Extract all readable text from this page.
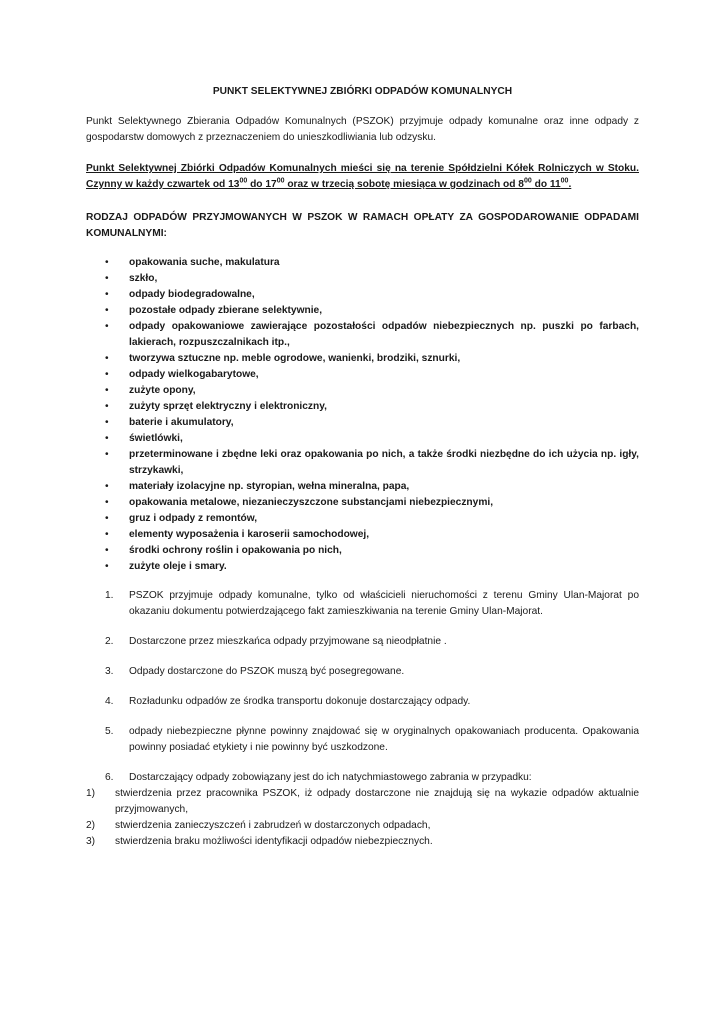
PUNKT SELEKTYWNEJ ZBIÓRKI ODPADÓW KOMUNALNYCH

Punkt Selektywnego Zbierania Odpadów Komunalnych (PSZOK) przyjmuje odpady komunalne oraz inne odpady z gospodarstw domowych z przeznaczeniem do unieszkodliwiania lub odzysku.

Punkt Selektywnej Zbiórki Odpadów Komunalnych mieści się na terenie Spółdzielni Kółek Rolniczych w Stoku. Czynny w każdy czwartek od $13^{00}$ do $17^{00}$ oraz w trzecią sobotę miesiąca w godzinach od $8^{00}$ do $11^{00}$.

RODZAJ ODPADÓW PRZYJMOWANYCH W PSZOK W RAMACH OPŁATY ZA GOSPODAROWANIE ODPADAMI KOMUNALNYMI:

• opakowania suche, makulatura
• szkło,
• odpady biodegradowalne,
• pozostałe odpady zbierane selektywnie,
• odpady opakowaniowe zawierające pozostałości odpadów niebezpiecznych np. puszki po farbach, lakierach, rozpuszczalnikach itp.,
• tworzywa sztuczne np. meble ogrodowe, wanienki, brodziki, sznurki,
• odpady wielkogabarytowe,
• zużyte opony,
• zużyty sprzęt elektryczny i elektroniczny,
• baterie i akumulatory,
• świetlówki,
• przeterminowane i zbędne leki oraz opakowania po nich, a także środki niezbędne do ich użycia np. igły, strzykawki,
• materiały izolacyjne np. styropian, wełna mineralna, papa,
• opakowania metalowe, niezanieczyszczone substancjami niebezpiecznymi,
• gruz i odpady z remontów,
• elementy wyposażenia i karoserii samochodowej,
• środki ochrony roślin i opakowania po nich,
• zużyte oleje i smary.
1. PSZOK przyjmuje odpady komunalne, tylko od właścicieli nieruchomości z terenu Gminy Ulan-Majorat po okazaniu dokumentu potwierdzającego fakt zamieszkiwania na terenie Gminy Ulan-Majorat.
2. Dostarczone przez mieszkańca odpady przyjmowane są nieodpłatnie .
3. Odpady dostarczone do PSZOK muszą być posegregowane.
4. Rozładunku odpadów ze środka transportu dokonuje dostarczający odpady.
5. odpady niebezpieczne płynne powinny znajdować się w oryginalnych opakowaniach producenta. Opakowania powinny posiadać etykiety i nie powinny być uszkodzone.
6. Dostarczający odpady zobowiązany jest do ich natychmiastowego zabrania w przypadku:
1) stwierdzenia przez pracownika PSZOK, iż odpady dostarczone nie znajdują się na wykazie odpadów aktualnie przyjmowanych,
2) stwierdzenia zanieczyszczeń i zabrudzeń w dostarczonych odpadach,
3) stwierdzenia braku możliwości identyfikacji odpadów niebezpiecznych.
